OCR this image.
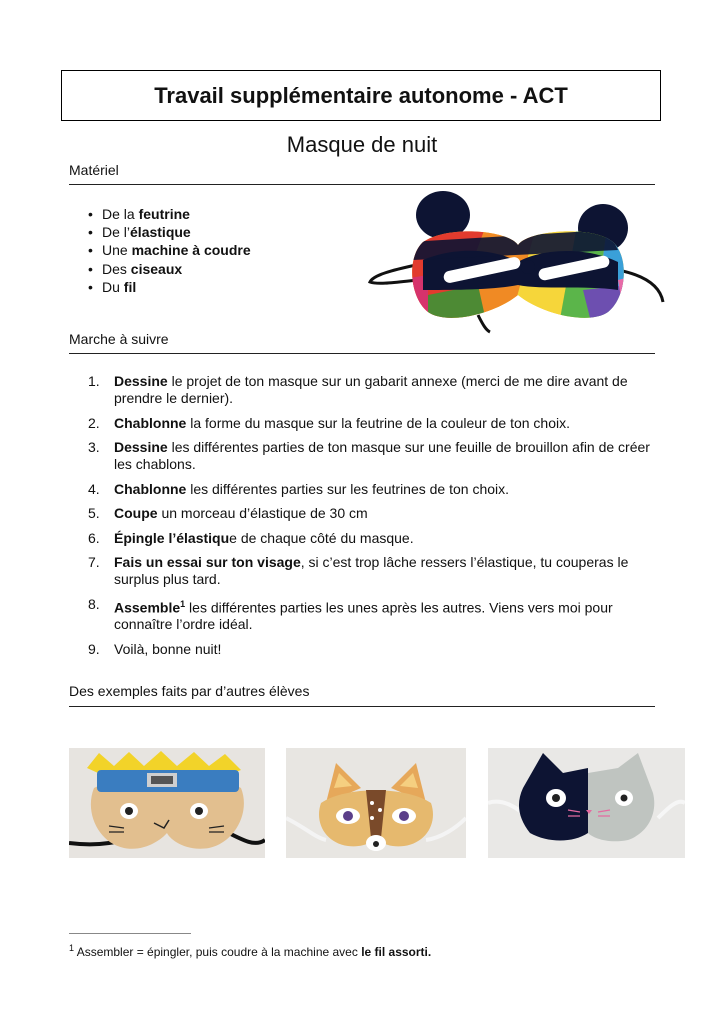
Travail supplémentaire autonome - ACT
Masque de nuit
Matériel
• De la feutrine
• De l’élastique
• Une machine à coudre
• Des ciseaux
• Du fil
Marche à suivre
1.	Dessine le projet de ton masque sur un gabarit annexe (merci de me dire avant de prendre le dernier).
2.	Chablonne la forme du masque sur la feutrine de la couleur de ton choix.
3.	Dessine les différentes parties de ton masque sur une feuille de brouillon afin de créer les chablons.
4.	Chablonne les différentes parties sur les feutrines de ton choix.
5.	Coupe un morceau d’élastique de 30 cm
6.	Épingle l’élastique de chaque côté du masque.
7.	Fais un essai sur ton visage, si c’est trop lâche ressers l’élastique, tu couperas le surplus plus tard.
8.	Assemble$^1$ les différentes parties les unes après les autres. Viens vers moi pour connaître l’ordre idéal.
9.	Voilà, bonne nuit!
Des exemples faits par d’autres élèves
$^1$ Assembler = épingler, puis coudre à la machine avec le fil assorti.
